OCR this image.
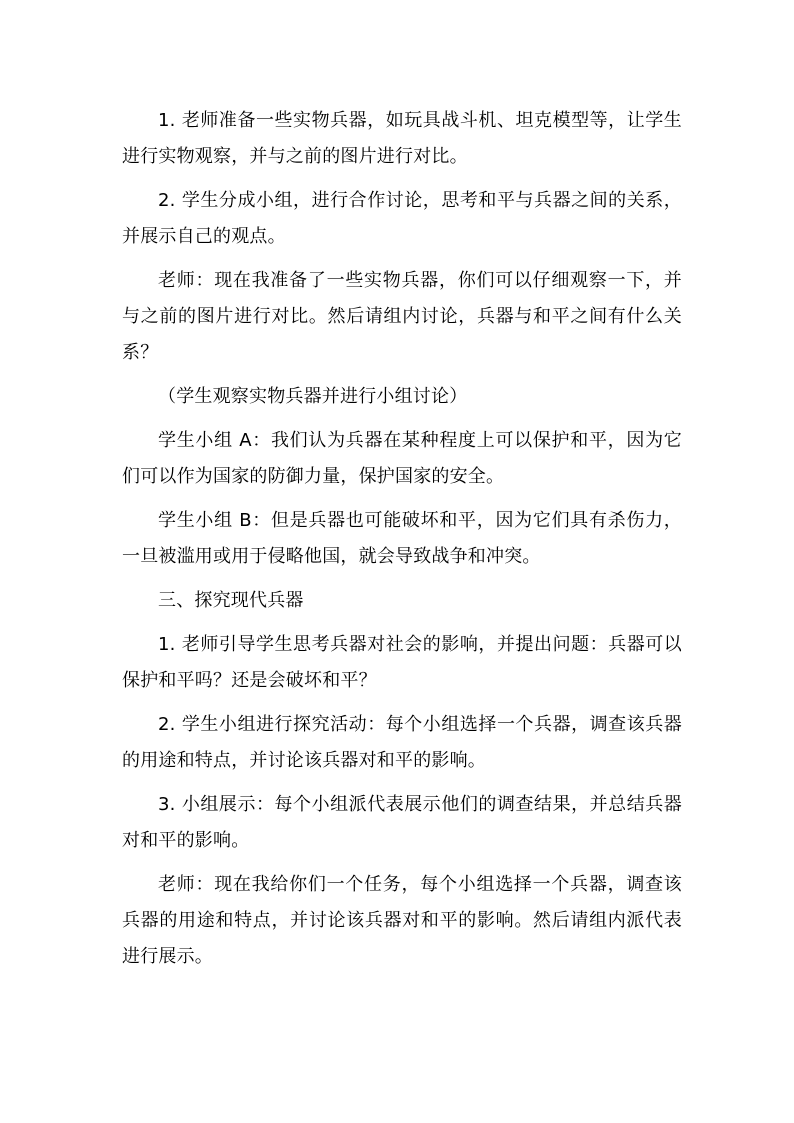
1. 老师准备一些实物兵器，如玩具战斗机、坦克模型等，让学生进行实物观察，并与之前的图片进行对比。

2. 学生分成小组，进行合作讨论，思考和平与兵器之间的关系，并展示自己的观点。

老师：现在我准备了一些实物兵器，你们可以仔细观察一下，并与之前的图片进行对比。然后请组内讨论，兵器与和平之间有什么关系？

（学生观察实物兵器并进行小组讨论）

学生小组 A：我们认为兵器在某种程度上可以保护和平，因为它们可以作为国家的防御力量，保护国家的安全。

学生小组 B：但是兵器也可能破坏和平，因为它们具有杀伤力，一旦被滥用或用于侵略他国，就会导致战争和冲突。

三、探究现代兵器

1. 老师引导学生思考兵器对社会的影响，并提出问题：兵器可以保护和平吗？还是会破坏和平？

2. 学生小组进行探究活动：每个小组选择一个兵器，调查该兵器的用途和特点，并讨论该兵器对和平的影响。

3. 小组展示：每个小组派代表展示他们的调查结果，并总结兵器对和平的影响。

老师：现在我给你们一个任务，每个小组选择一个兵器，调查该兵器的用途和特点，并讨论该兵器对和平的影响。然后请组内派代表进行展示。
